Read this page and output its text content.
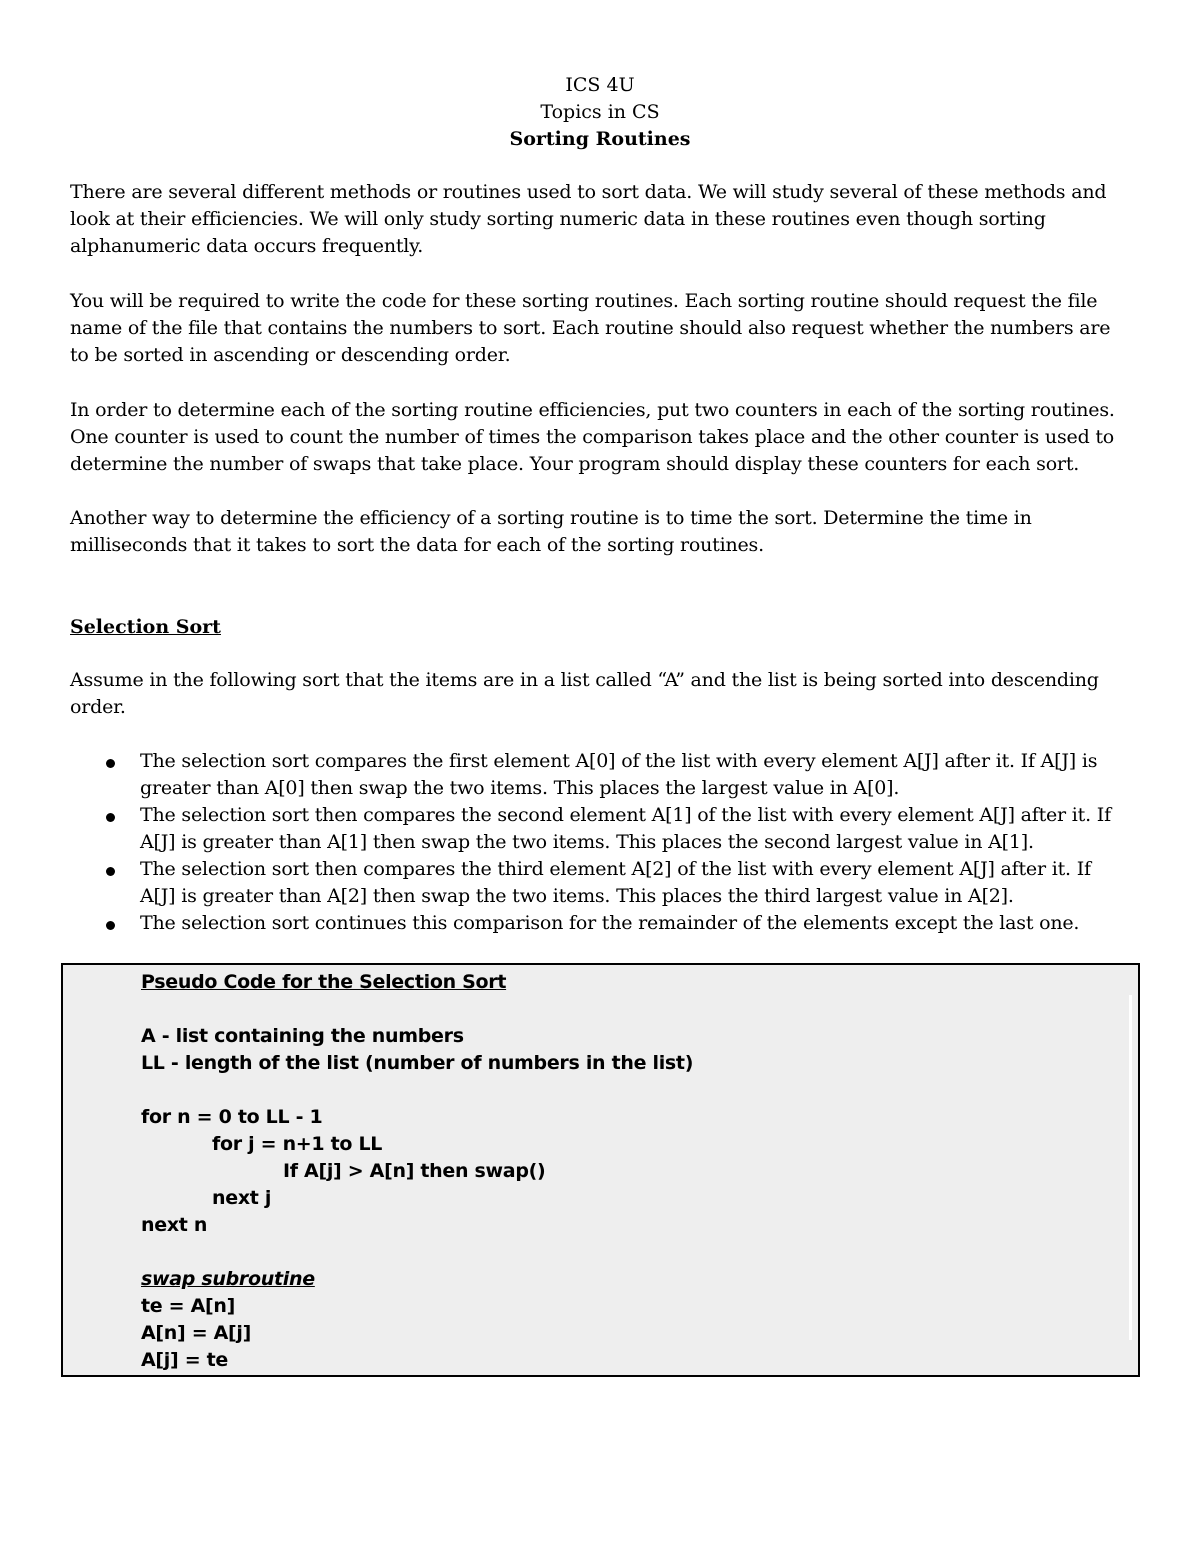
ICS 4U
Topics in CS
Sorting Routines

There are several different methods or routines used to sort data. We will study several of these methods and look at their efficiencies. We will only study sorting numeric data in these routines even though sorting alphanumeric data occurs frequently.

You will be required to write the code for these sorting routines. Each sorting routine should request the file name of the file that contains the numbers to sort. Each routine should also request whether the numbers are to be sorted in ascending or descending order.

In order to determine each of the sorting routine efficiencies, put two counters in each of the sorting routines. One counter is used to count the number of times the comparison takes place and the other counter is used to determine the number of swaps that take place. Your program should display these counters for each sort.

Another way to determine the efficiency of a sorting routine is to time the sort. Determine the time in milliseconds that it takes to sort the data for each of the sorting routines.

Selection Sort

Assume in the following sort that the items are in a list called “A” and the list is being sorted into descending order.

The selection sort compares the first element A[0] of the list with every element A[J] after it. If A[J] is greater than A[0] then swap the two items. This places the largest value in A[0].
The selection sort then compares the second element A[1] of the list with every element A[J] after it. If A[J] is greater than A[1] then swap the two items. This places the second largest value in A[1].
The selection sort then compares the third element A[2] of the list with every element A[J] after it. If A[J] is greater than A[2] then swap the two items. This places the third largest value in A[2].
The selection sort continues this comparison for the remainder of the elements except the last one.
Pseudo Code for the Selection Sort
A - list containing the numbers
LL - length of the list (number of numbers in the list)
for n = 0 to LL - 1
for j = n+1 to LL
If A[j] > A[n] then swap()
next j
next n
swap subroutine
te = A[n]
A[n] = A[j]
A[j] = te
